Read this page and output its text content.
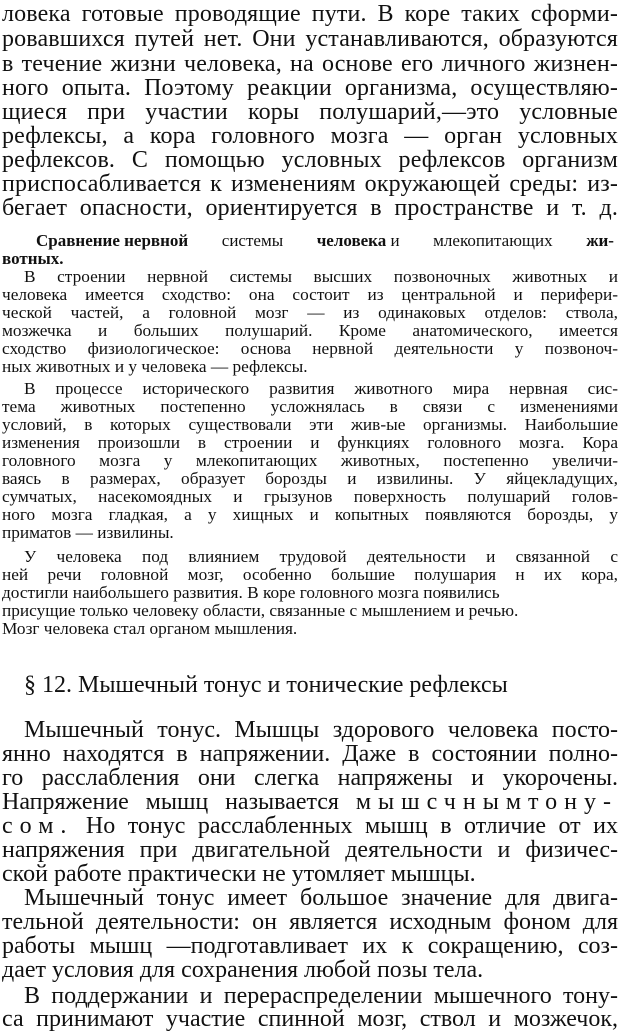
ловека готовые проводящие пути. В коре таких сформи-
ровавшихся путей нет. Они устанавливаются, образуются
в течение жизни человека, на основе его личного жизнен-
ного опыта. Поэтому реакции организма, осуществляю-
щиеся при участии коры полушарий,—это условные
рефлексы, а кора головного мозга — орган условных
рефлексов. С помощью условных рефлексов организм
приспосабливается к изменениям окружающей среды: из-
бегает опасности, ориентируется в пространстве и т. д.
Сравнение нервной системы человека и млекопитающих жи-
вотных.
В строении нервной системы высших позвоночных животных и
человека имеется сходство: она состоит из центральной и перифери-
ческой частей, а головной мозг — из одинаковых отделов: ствола,
мозжечка и больших полушарий. Кроме анатомического, имеется
сходство физиологическое: основа нервной деятельности у позвоноч-
ных животных и у человека — рефлексы.
В процессе исторического развития животного мира нервная сис-
тема животных постепенно усложнялась в связи с изменениями
условий, в которых существовали эти жив-ые организмы. Наибольшие
изменения произошли в строении и функциях головного мозга. Кора
головного мозга у млекопитающих животных, постепенно увеличи-
ваясь в размерах, образует борозды и извилины. У яйцекладущих,
сумчатых, насекомоядных и грызунов поверхность полушарий голов-
ного мозга гладкая, а у хищных и копытных появляются борозды, у
приматов — извилины.
У человека под влиянием трудовой деятельности и связанной с
ней речи головной мозг, особенно большие полушария н их кора,
достигли наибольшего развития. В коре головного мозга появились
присущие только человеку области, связанные с мышлением и речью.
Мозг человека стал органом мышления.
§ 12. Мышечный тонус и тонические рефлексы
Мышечный тонус. Мышцы здорового человека посто-
янно находятся в напряжении. Даже в состоянии полно-
го расслабления они слегка напряжены и укорочены.
Напряжение мышц называется мышсчнымтону-
сом. Но тонус расслабленных мышц в отличие от их
напряжения при двигательной деятельности и физичес-
ской работе практически не утомляет мышцы.
Мышечный тонус имеет большое значение для двига-
тельной деятельности: он является исходным фоном для
работы мышц —подготавливает их к сокращению, соз-
дает условия для сохранения любой позы тела.
В поддержании и перераспределении мышечного тону-
са принимают участие спинной мозг, ствол и мозжечок,
